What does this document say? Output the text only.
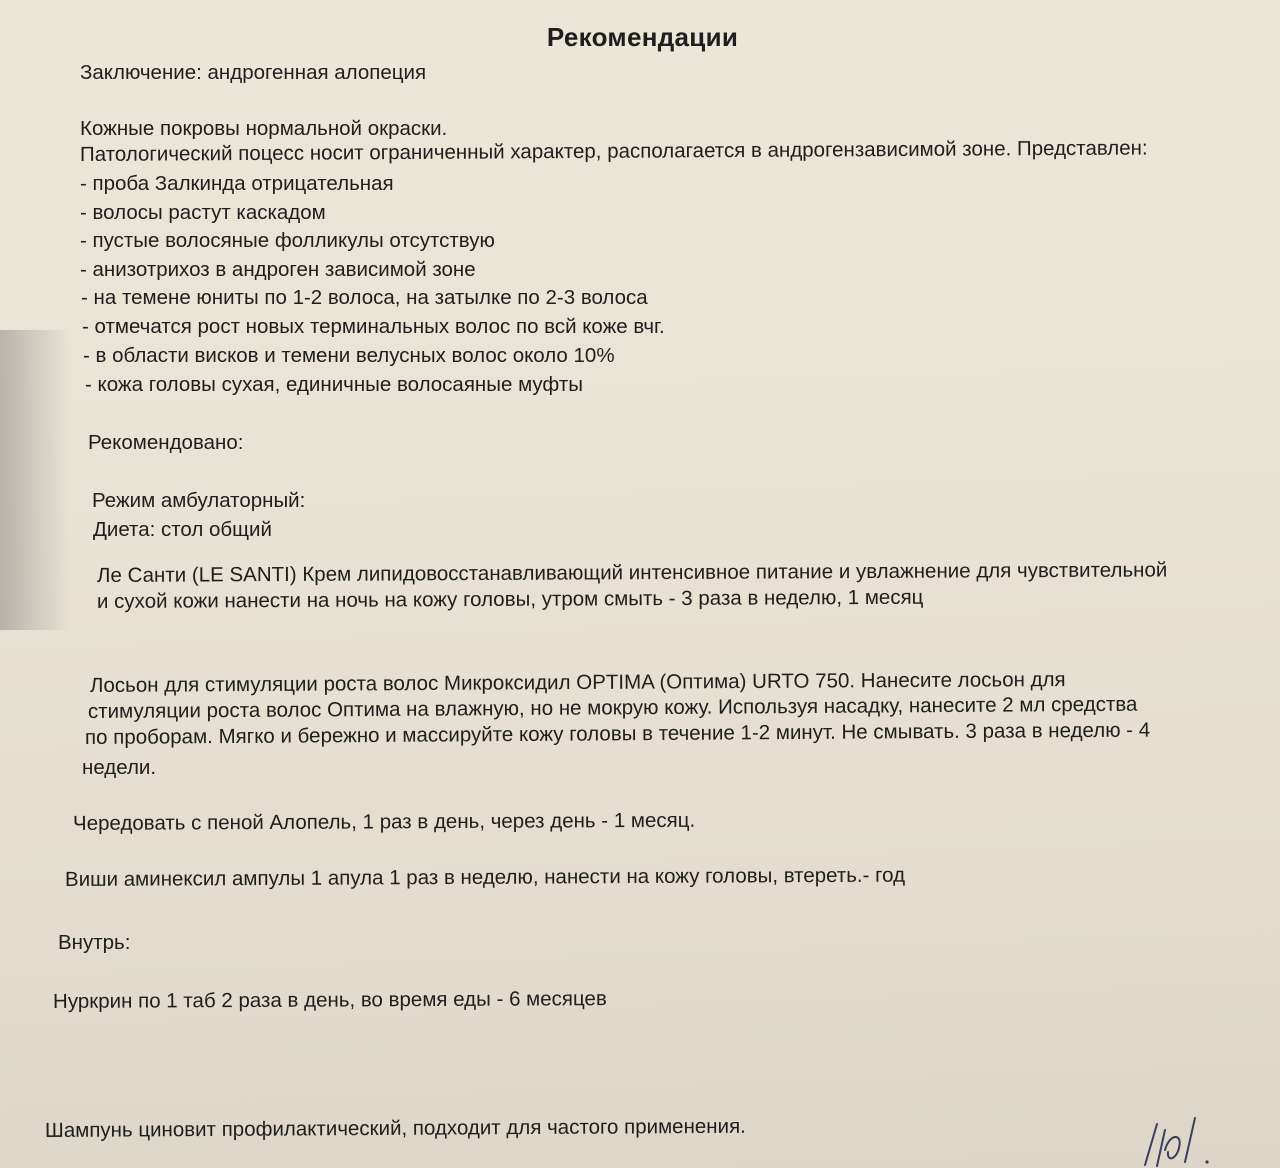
Рекомендации
Заключение: андрогенная алопеция
Кожные покровы нормальной окраски.
Патологический поцесс носит ограниченный характер, располагается в андрогензависимой зоне. Представлен:
- проба Залкинда отрицательная
- волосы растут каскадом
- пустые волосяные фолликулы отсутствую
- анизотрихоз в андроген зависимой зоне
- на темене юниты по 1-2 волоса, на затылке по 2-3 волоса
- отмечатся рост новых терминальных волос по всй коже вчг.
- в области висков и темени велусных волос около 10%
- кожа головы сухая, единичные волосаяные муфты
Рекомендовано:
Режим амбулаторный:
Диета: стол общий
Ле Санти (LE SANTI) Крем липидовосстанавливающий интенсивное питание и увлажнение для чувствительной
и сухой кожи нанести на ночь на кожу головы, утром смыть - 3 раза в неделю, 1 месяц
Лосьон для стимуляции роста волос Микроксидил OPTIMA (Оптима) URTO 750. Нанесите лосьон для
стимуляции роста волос Оптима на влажную, но не мокрую кожу. Используя насадку, нанесите 2 мл средства
по проборам. Мягко и бережно и массируйте кожу головы в течение 1-2 минут. Не смывать. 3 раза в неделю - 4
недели.
Чередовать с пеной Алопель, 1 раз в день, через день - 1 месяц.
Виши аминексил ампулы 1 апула 1 раз в неделю, нанести на кожу головы, втереть.- год
Внутрь:
Нуркрин по 1 таб 2 раза в день, во время еды - 6 месяцев
Шампунь циновит профилактический, подходит для частого применения.
